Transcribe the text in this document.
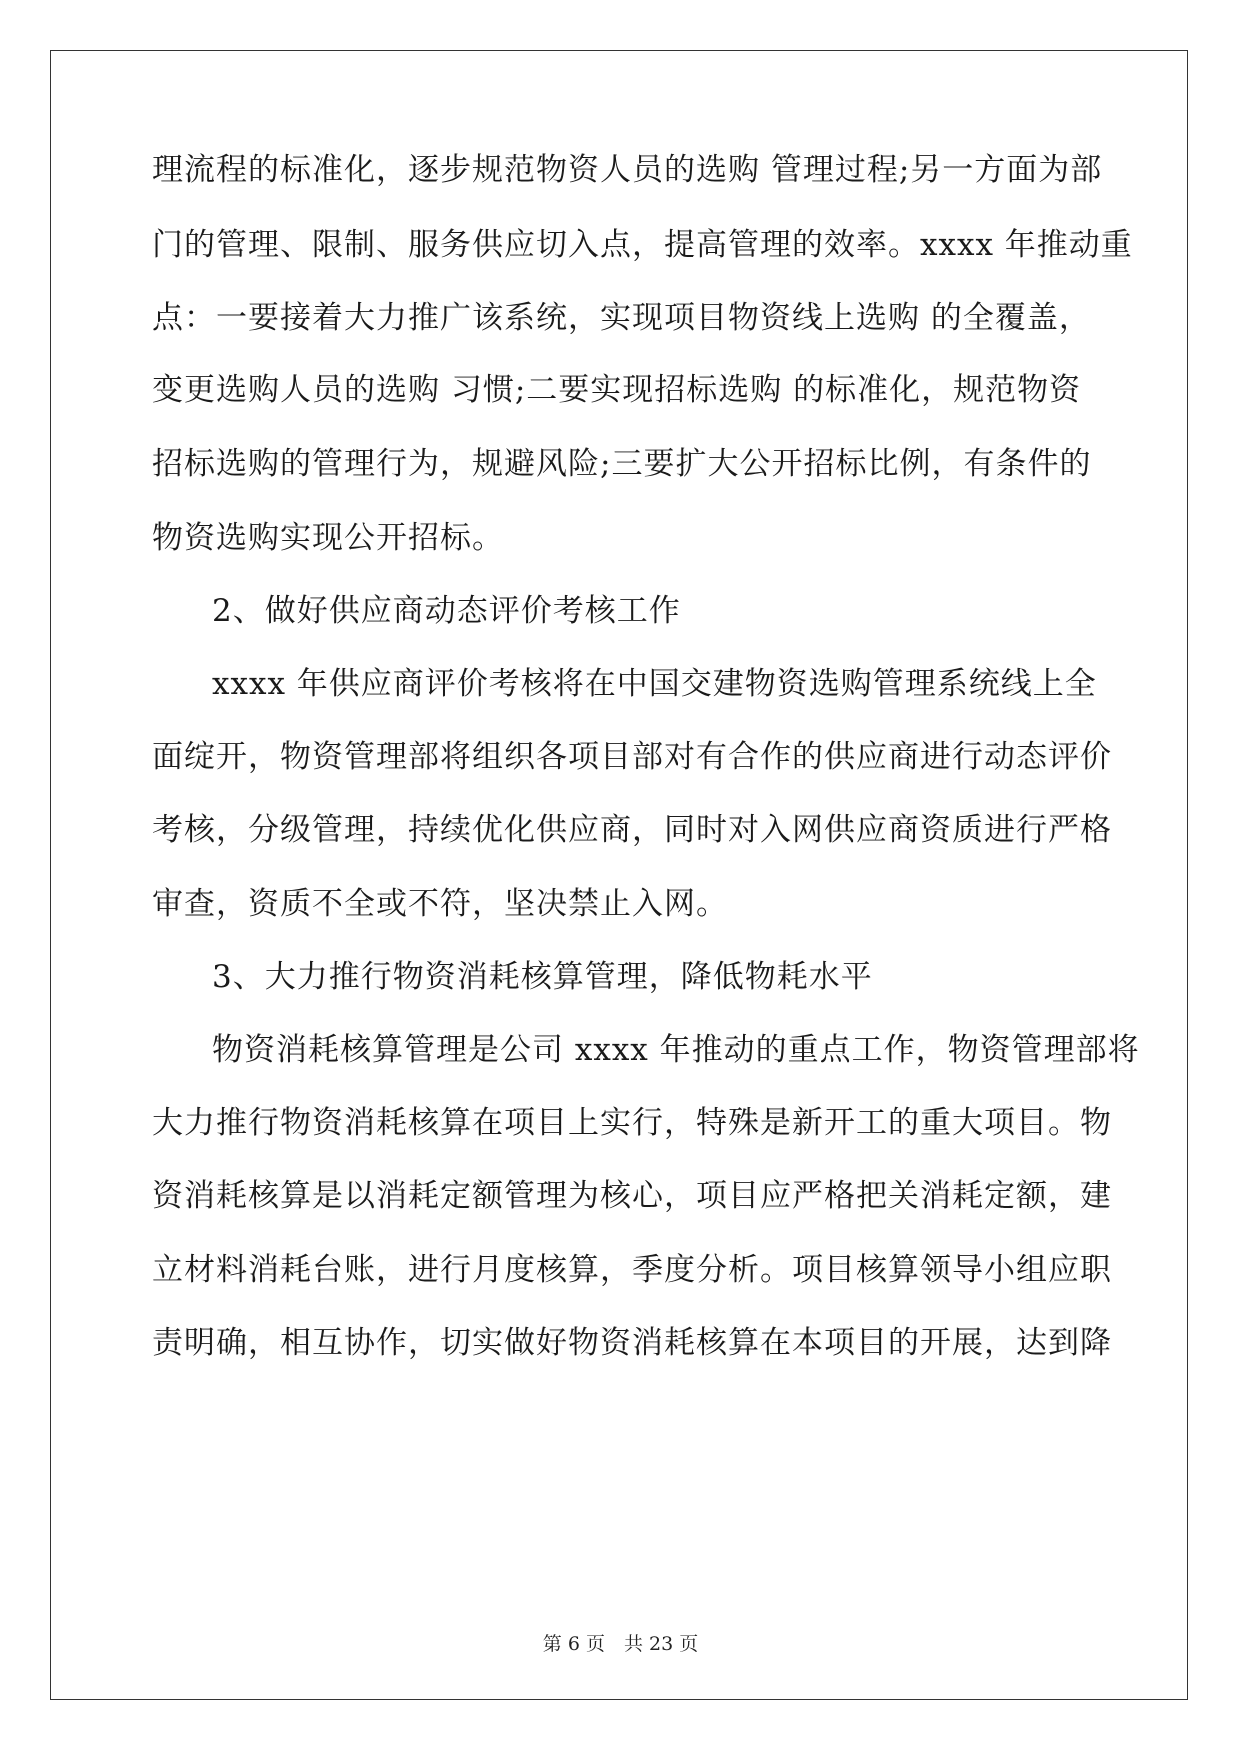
理流程的标准化，逐步规范物资人员的选购 管理过程;另一方面为部
门的管理、限制、服务供应切入点，提高管理的效率。xxxx 年推动重
点：一要接着大力推广该系统，实现项目物资线上选购 的全覆盖，
变更选购人员的选购 习惯;二要实现招标选购 的标准化，规范物资
招标选购的管理行为，规避风险;三要扩大公开招标比例，有条件的
物资选购实现公开招标。
2、做好供应商动态评价考核工作
xxxx 年供应商评价考核将在中国交建物资选购管理系统线上全
面绽开，物资管理部将组织各项目部对有合作的供应商进行动态评价
考核，分级管理，持续优化供应商，同时对入网供应商资质进行严格
审查，资质不全或不符，坚决禁止入网。
3、大力推行物资消耗核算管理，降低物耗水平
物资消耗核算管理是公司 xxxx 年推动的重点工作，物资管理部将
大力推行物资消耗核算在项目上实行，特殊是新开工的重大项目。物
资消耗核算是以消耗定额管理为核心，项目应严格把关消耗定额，建
立材料消耗台账，进行月度核算，季度分析。项目核算领导小组应职
责明确，相互协作，切实做好物资消耗核算在本项目的开展，达到降
第 6 页　共 23 页
